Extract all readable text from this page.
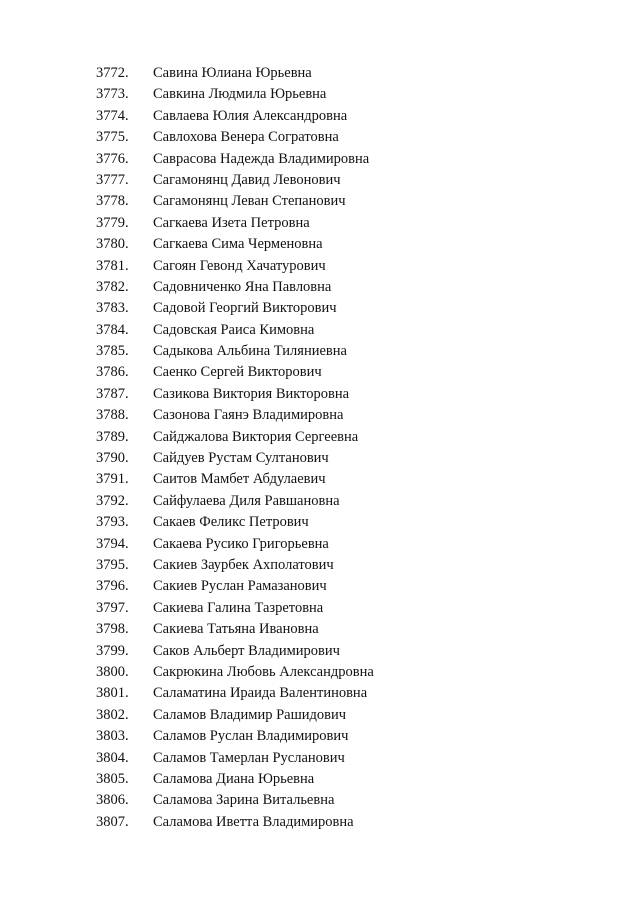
3772. Савина Юлиана Юрьевна
3773. Савкина Людмила Юрьевна
3774. Савлаева Юлия Александровна
3775. Савлохова Венера Согратовна
3776. Саврасова Надежда Владимировна
3777. Сагамонянц Давид Левонович
3778. Сагамонянц Леван Степанович
3779. Сагкаева Изета Петровна
3780. Сагкаева Сима Черменовна
3781. Сагоян Гевонд Хачатурович
3782. Садовниченко Яна Павловна
3783. Садовой Георгий Викторович
3784. Садовская Раиса Кимовна
3785. Садыкова Альбина Тиляниевна
3786. Саенко Сергей Викторович
3787. Сазикова Виктория Викторовна
3788. Сазонова Гаянэ Владимировна
3789. Сайджалова Виктория Сергеевна
3790. Сайдуев Рустам Султанович
3791. Саитов Мамбет Абдулаевич
3792. Сайфулаева Диля Равшановна
3793. Сакаев Феликс Петрович
3794. Сакаева Русико Григорьевна
3795. Сакиев Заурбек Ахполатович
3796. Сакиев Руслан Рамазанович
3797. Сакиева Галина Тазретовна
3798. Сакиева Татьяна Ивановна
3799. Саков Альберт Владимирович
3800. Сакрюкина Любовь Александровна
3801. Саламатина Ираида Валентиновна
3802. Саламов Владимир Рашидович
3803. Саламов Руслан Владимирович
3804. Саламов Тамерлан Русланович
3805. Саламова Диана Юрьевна
3806. Саламова Зарина Витальевна
3807. Саламова Иветта Владимировна
